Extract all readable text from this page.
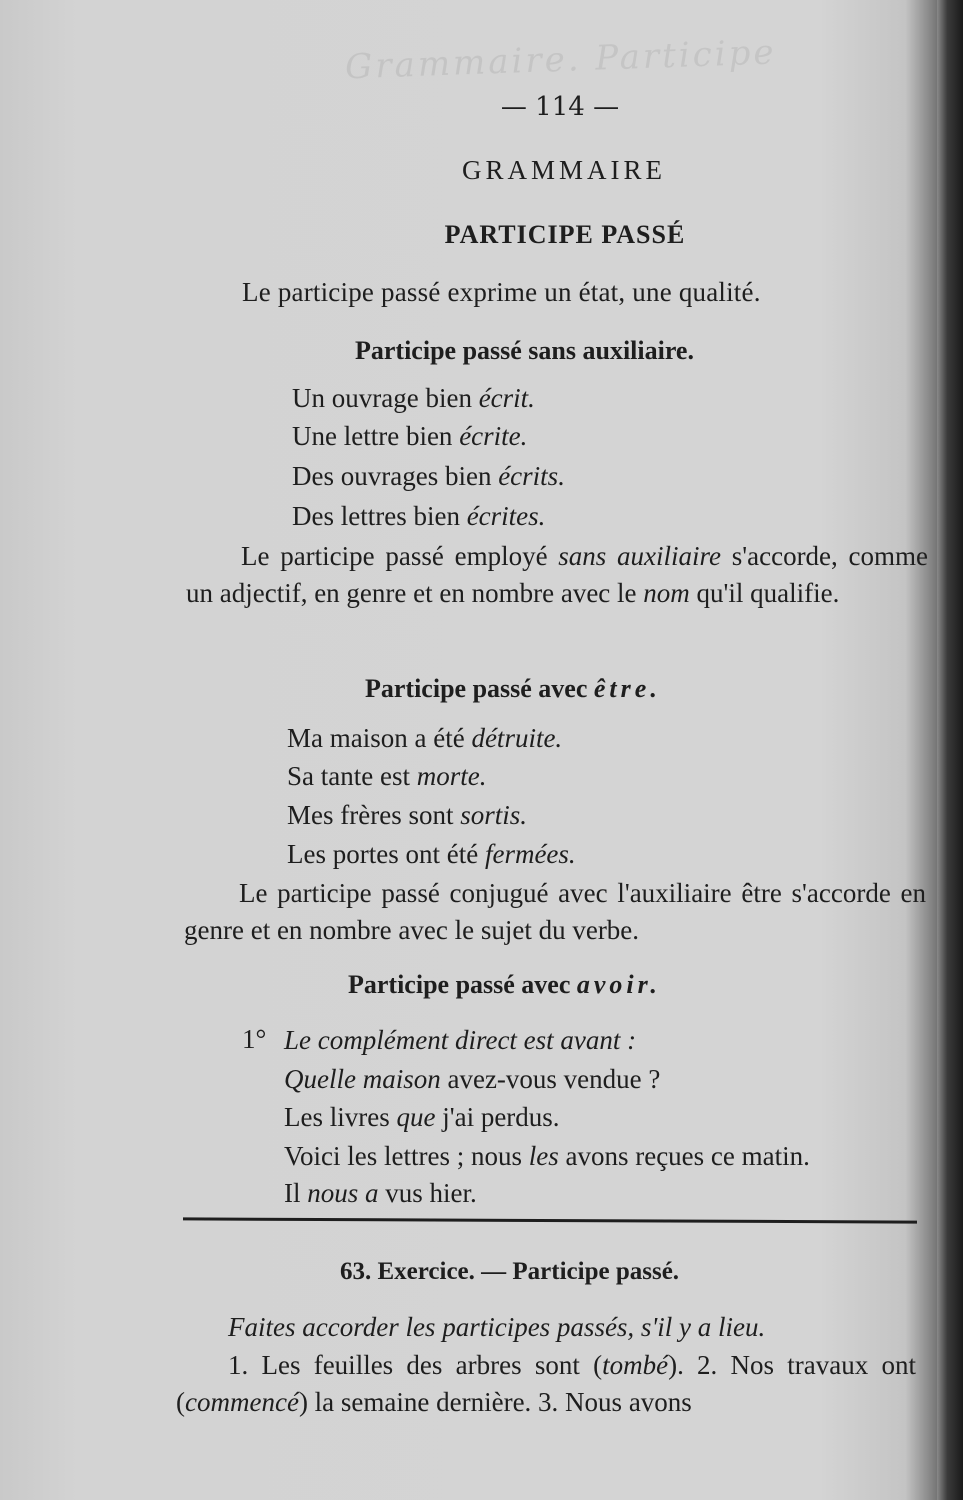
Grammaire. Participe
— 114 —
GRAMMAIRE
PARTICIPE PASSÉ
Le participe passé exprime un état, une qualité.
Participe passé sans auxiliaire.
Un ouvrage bien écrit.
Une lettre bien écrite.
Des ouvrages bien écrits.
Des lettres bien écrites.
Le participe passé employé sans auxiliaire s'accorde, comme un adjectif, en genre et en nombre avec le nom qu'il qualifie.
Participe passé avec être.
Ma maison a été détruite.
Sa tante est morte.
Mes frères sont sortis.
Les portes ont été fermées.
Le participe passé conjugué avec l'auxiliaire être s'accorde en genre et en nombre avec le sujet du verbe.
Participe passé avec avoir.
1° Le complément direct est avant :
Quelle maison avez-vous vendue ?
Les livres que j'ai perdus.
Voici les lettres ; nous les avons reçues ce matin.
Il nous a vus hier.
63. Exercice. — Participe passé.
Faites accorder les participes passés, s'il y a lieu.
1. Les feuilles des arbres sont (tombé). 2. Nos travaux ont (commencé) la semaine dernière. 3. Nous avons
